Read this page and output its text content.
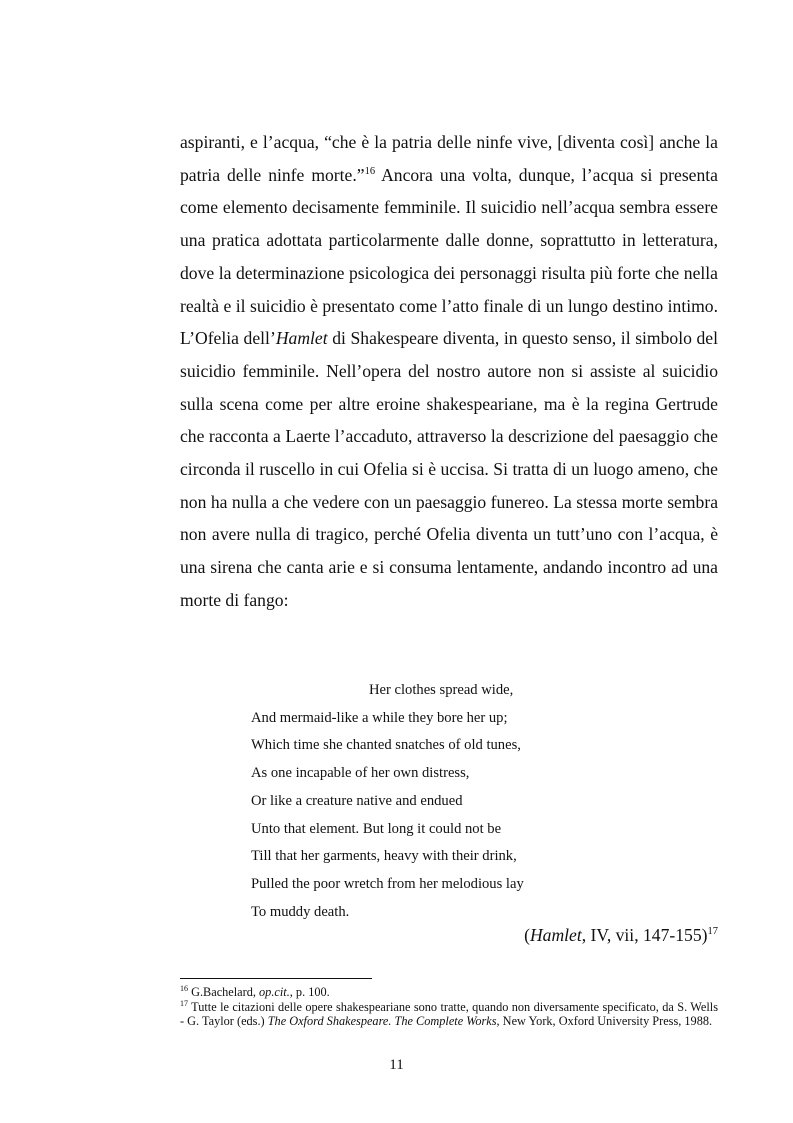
aspiranti, e l’acqua, “che è la patria delle ninfe vive, [diventa così] anche la patria delle ninfe morte.”$^{16}$ Ancora una volta, dunque, l’acqua si presenta come elemento decisamente femminile. Il suicidio nell’acqua sembra essere una pratica adottata particolarmente dalle donne, soprattutto in letteratura, dove la determinazione psicologica dei personaggi risulta più forte che nella realtà e il suicidio è presentato come l’atto finale di un lungo destino intimo. L’Ofelia dell’Hamlet di Shakespeare diventa, in questo senso, il simbolo del suicidio femminile. Nell’opera del nostro autore non si assiste al suicidio sulla scena come per altre eroine shakespeariane, ma è la regina Gertrude che racconta a Laerte l’accaduto, attraverso la descrizione del paesaggio che circonda il ruscello in cui Ofelia si è uccisa. Si tratta di un luogo ameno, che non ha nulla a che vedere con un paesaggio funereo. La stessa morte sembra non avere nulla di tragico, perché Ofelia diventa un tutt’uno con l’acqua, è una sirena che canta arie e si consuma lentamente, andando incontro ad una morte di fango:

Her clothes spread wide,
And mermaid-like a while they bore her up;
Which time she chanted snatches of old tunes,
As one incapable of her own distress,
Or like a creature native and endued
Unto that element. But long it could not be
Till that her garments, heavy with their drink,
Pulled the poor wretch from her melodious lay
To muddy death.
(Hamlet, IV, vii, 147-155)$^{17}$

$^{16}$ G.Bachelard, op.cit., p. 100.

$^{17}$ Tutte le citazioni delle opere shakespeariane sono tratte, quando non diversamente specificato, da S. Wells - G. Taylor (eds.) The Oxford Shakespeare. The Complete Works, New York, Oxford University Press, 1988.

11
